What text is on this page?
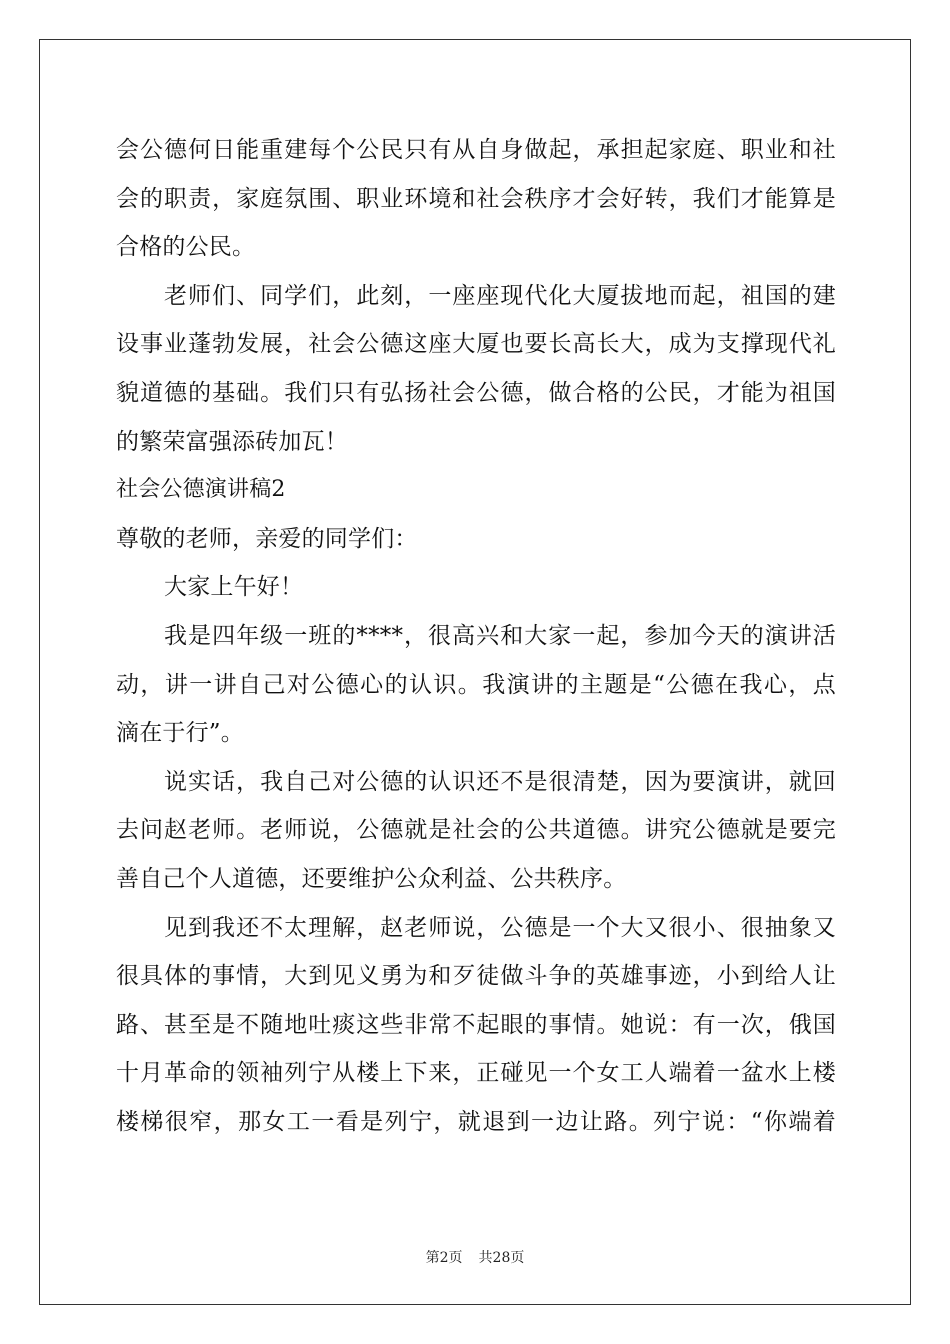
会公德何日能重建每个公民只有从自身做起，承担起家庭、职业和社
会的职责，家庭氛围、职业环境和社会秩序才会好转，我们才能算是
合格的公民。
老师们、同学们，此刻，一座座现代化大厦拔地而起，祖国的建
设事业蓬勃发展，社会公德这座大厦也要长高长大，成为支撑现代礼
貌道德的基础。我们只有弘扬社会公德，做合格的公民，才能为祖国
的繁荣富强添砖加瓦！
社会公德演讲稿2
尊敬的老师，亲爱的同学们：
大家上午好！
我是四年级一班的****，很高兴和大家一起，参加今天的演讲活
动，讲一讲自己对公德心的认识。我演讲的主题是“公德在我心，点
滴在于行”。
说实话，我自己对公德的认识还不是很清楚，因为要演讲，就回
去问赵老师。老师说，公德就是社会的公共道德。讲究公德就是要完
善自己个人道德，还要维护公众利益、公共秩序。
见到我还不太理解，赵老师说，公德是一个大又很小、很抽象又
很具体的事情，大到见义勇为和歹徒做斗争的英雄事迹，小到给人让
路、甚至是不随地吐痰这些非常不起眼的事情。她说：有一次，俄国
十月革命的领袖列宁从楼上下来，正碰见一个女工人端着一盆水上楼
楼梯很窄，那女工一看是列宁，就退到一边让路。列宁说：“你端着
第2页 共28页
